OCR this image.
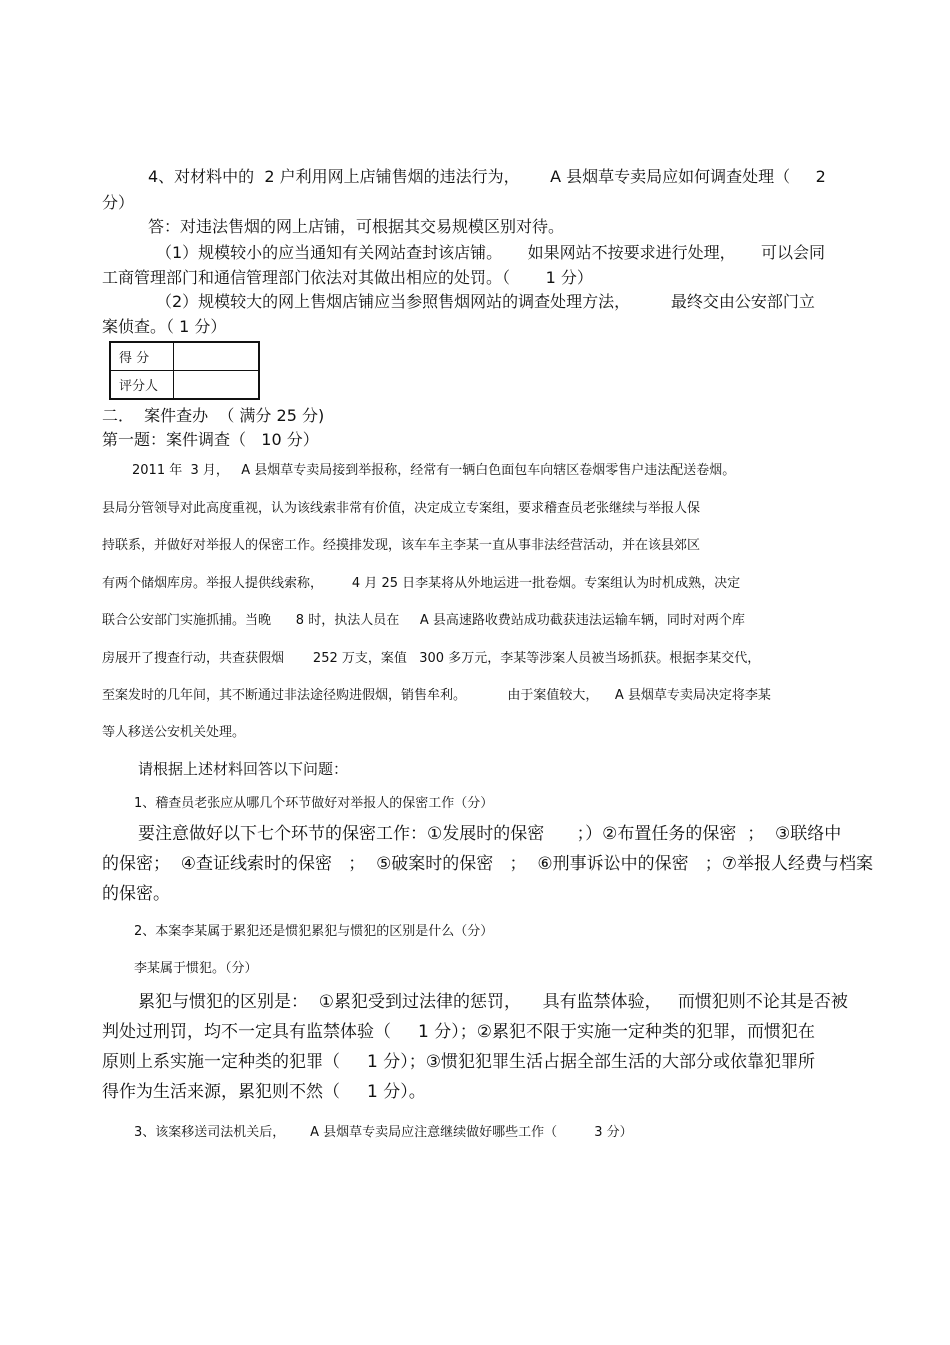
4、对材料中的  2 户利用网上店铺售烟的违法行为，      A 县烟草专卖局应如何调查处理（     2

分）

答：对违法售烟的网上店铺，可根据其交易规模区别对待。

（1）规模较小的应当通知有关网站查封该店铺。     如果网站不按要求进行处理，     可以会同

工商管理部门和通信管理部门依法对其做出相应的处罚。（       1 分）

（2）规模较大的网上售烟店铺应当参照售烟网站的调查处理方法，        最终交由公安部门立

案侦查。（ 1 分）

得 分	
评分人	

二．  案件查办  （ 满分 25 分)

第一题：案件调查（   10 分）

2011 年  3 月，   A 县烟草专卖局接到举报称，经常有一辆白色面包车向辖区卷烟零售户违法配送卷烟。

县局分管领导对此高度重视，认为该线索非常有价值，决定成立专案组，要求稽查员老张继续与举报人保

持联系，并做好对举报人的保密工作。经摸排发现，该车车主李某一直从事非法经营活动，并在该县郊区

有两个储烟库房。举报人提供线索称，       4 月 25 日李某将从外地运进一批卷烟。专案组认为时机成熟，决定

联合公安部门实施抓捕。当晚      8 时，执法人员在     A 县高速路收费站成功截获违法运输车辆，同时对两个库

房展开了搜查行动，共查获假烟       252 万支，案值   300 多万元，李某等涉案人员被当场抓获。根据李某交代，

至案发时的几年间，其不断通过非法途径购进假烟，销售牟利。          由于案值较大，    A 县烟草专卖局决定将李某

等人移送公安机关处理。

请根据上述材料回答以下问题：

1、稽查员老张应从哪几个环节做好对举报人的保密工作（分）

要注意做好以下七个环节的保密工作：①发展时的保密      ；）②布置任务的保密  ；  ③联络中

的保密；  ④查证线索时的保密   ；  ⑤破案时的保密   ；  ⑥刑事诉讼中的保密   ；⑦举报人经费与档案

的保密。

2、本案李某属于累犯还是惯犯累犯与惯犯的区别是什么（分）

李某属于惯犯。（分）

累犯与惯犯的区别是：  ①累犯受到过法律的惩罚，    具有监禁体验，   而惯犯则不论其是否被

判处过刑罚，均不一定具有监禁体验（     1 分）；②累犯不限于实施一定种类的犯罪，而惯犯在

原则上系实施一定种类的犯罪（     1 分）；③惯犯犯罪生活占据全部生活的大部分或依靠犯罪所

得作为生活来源，累犯则不然（     1 分）。

3、该案移送司法机关后，      A 县烟草专卖局应注意继续做好哪些工作（         3 分）
